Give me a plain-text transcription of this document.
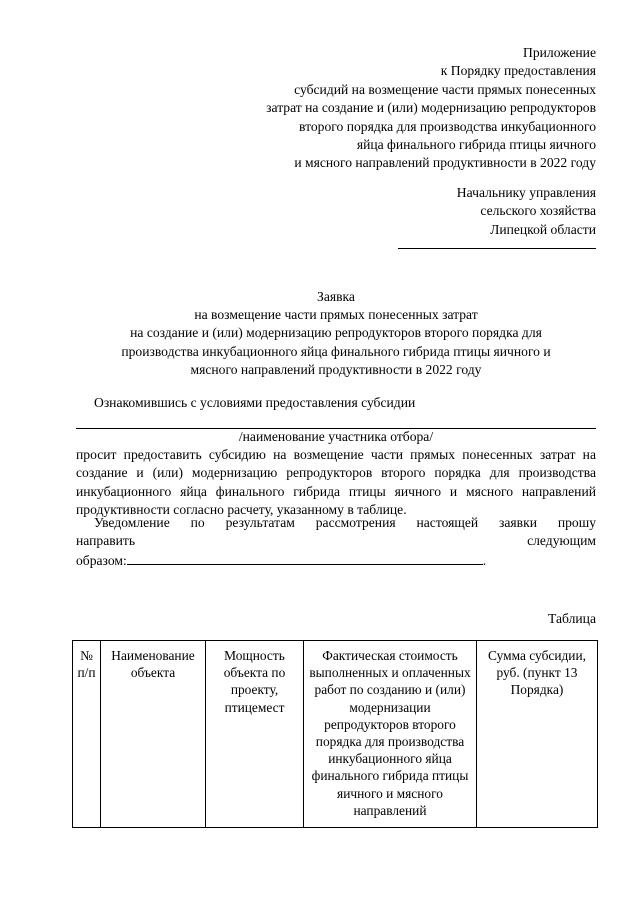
Приложение
к Порядку предоставления
субсидий на возмещение части прямых понесенных
затрат на создание и (или) модернизацию репродукторов
второго порядка для производства инкубационного
яйца финального гибрида птицы яичного
и мясного направлений продуктивности в 2022 году
Начальнику управления
сельского хозяйства
Липецкой области
Заявка
на возмещение части прямых понесенных затрат
на создание и (или) модернизацию репродукторов второго порядка для
производства инкубационного яйца финального гибрида птицы яичного и
мясного направлений продуктивности в 2022 году
Ознакомившись с условиями предоставления субсидии
/наименование участника отбора/
просит предоставить субсидию на возмещение части прямых понесенных затрат на создание и (или) модернизацию репродукторов второго порядка для производства инкубационного яйца финального гибрида птицы яичного и мясного направлений продуктивности согласно расчету, указанному в таблице.
Уведомление по результатам рассмотрения настоящей заявки прошу
направить	следующим
образом:	.
Таблица
№ п/п	Наименование объекта	Мощность объекта по проекту, птицемест	Фактическая стоимость выполненных и оплаченных работ по созданию и (или) модернизации репродукторов второго порядка для производства инкубационного яйца финального гибрида птицы яичного и мясного направлений	Сумма субсидии, руб. (пункт 13 Порядка)
